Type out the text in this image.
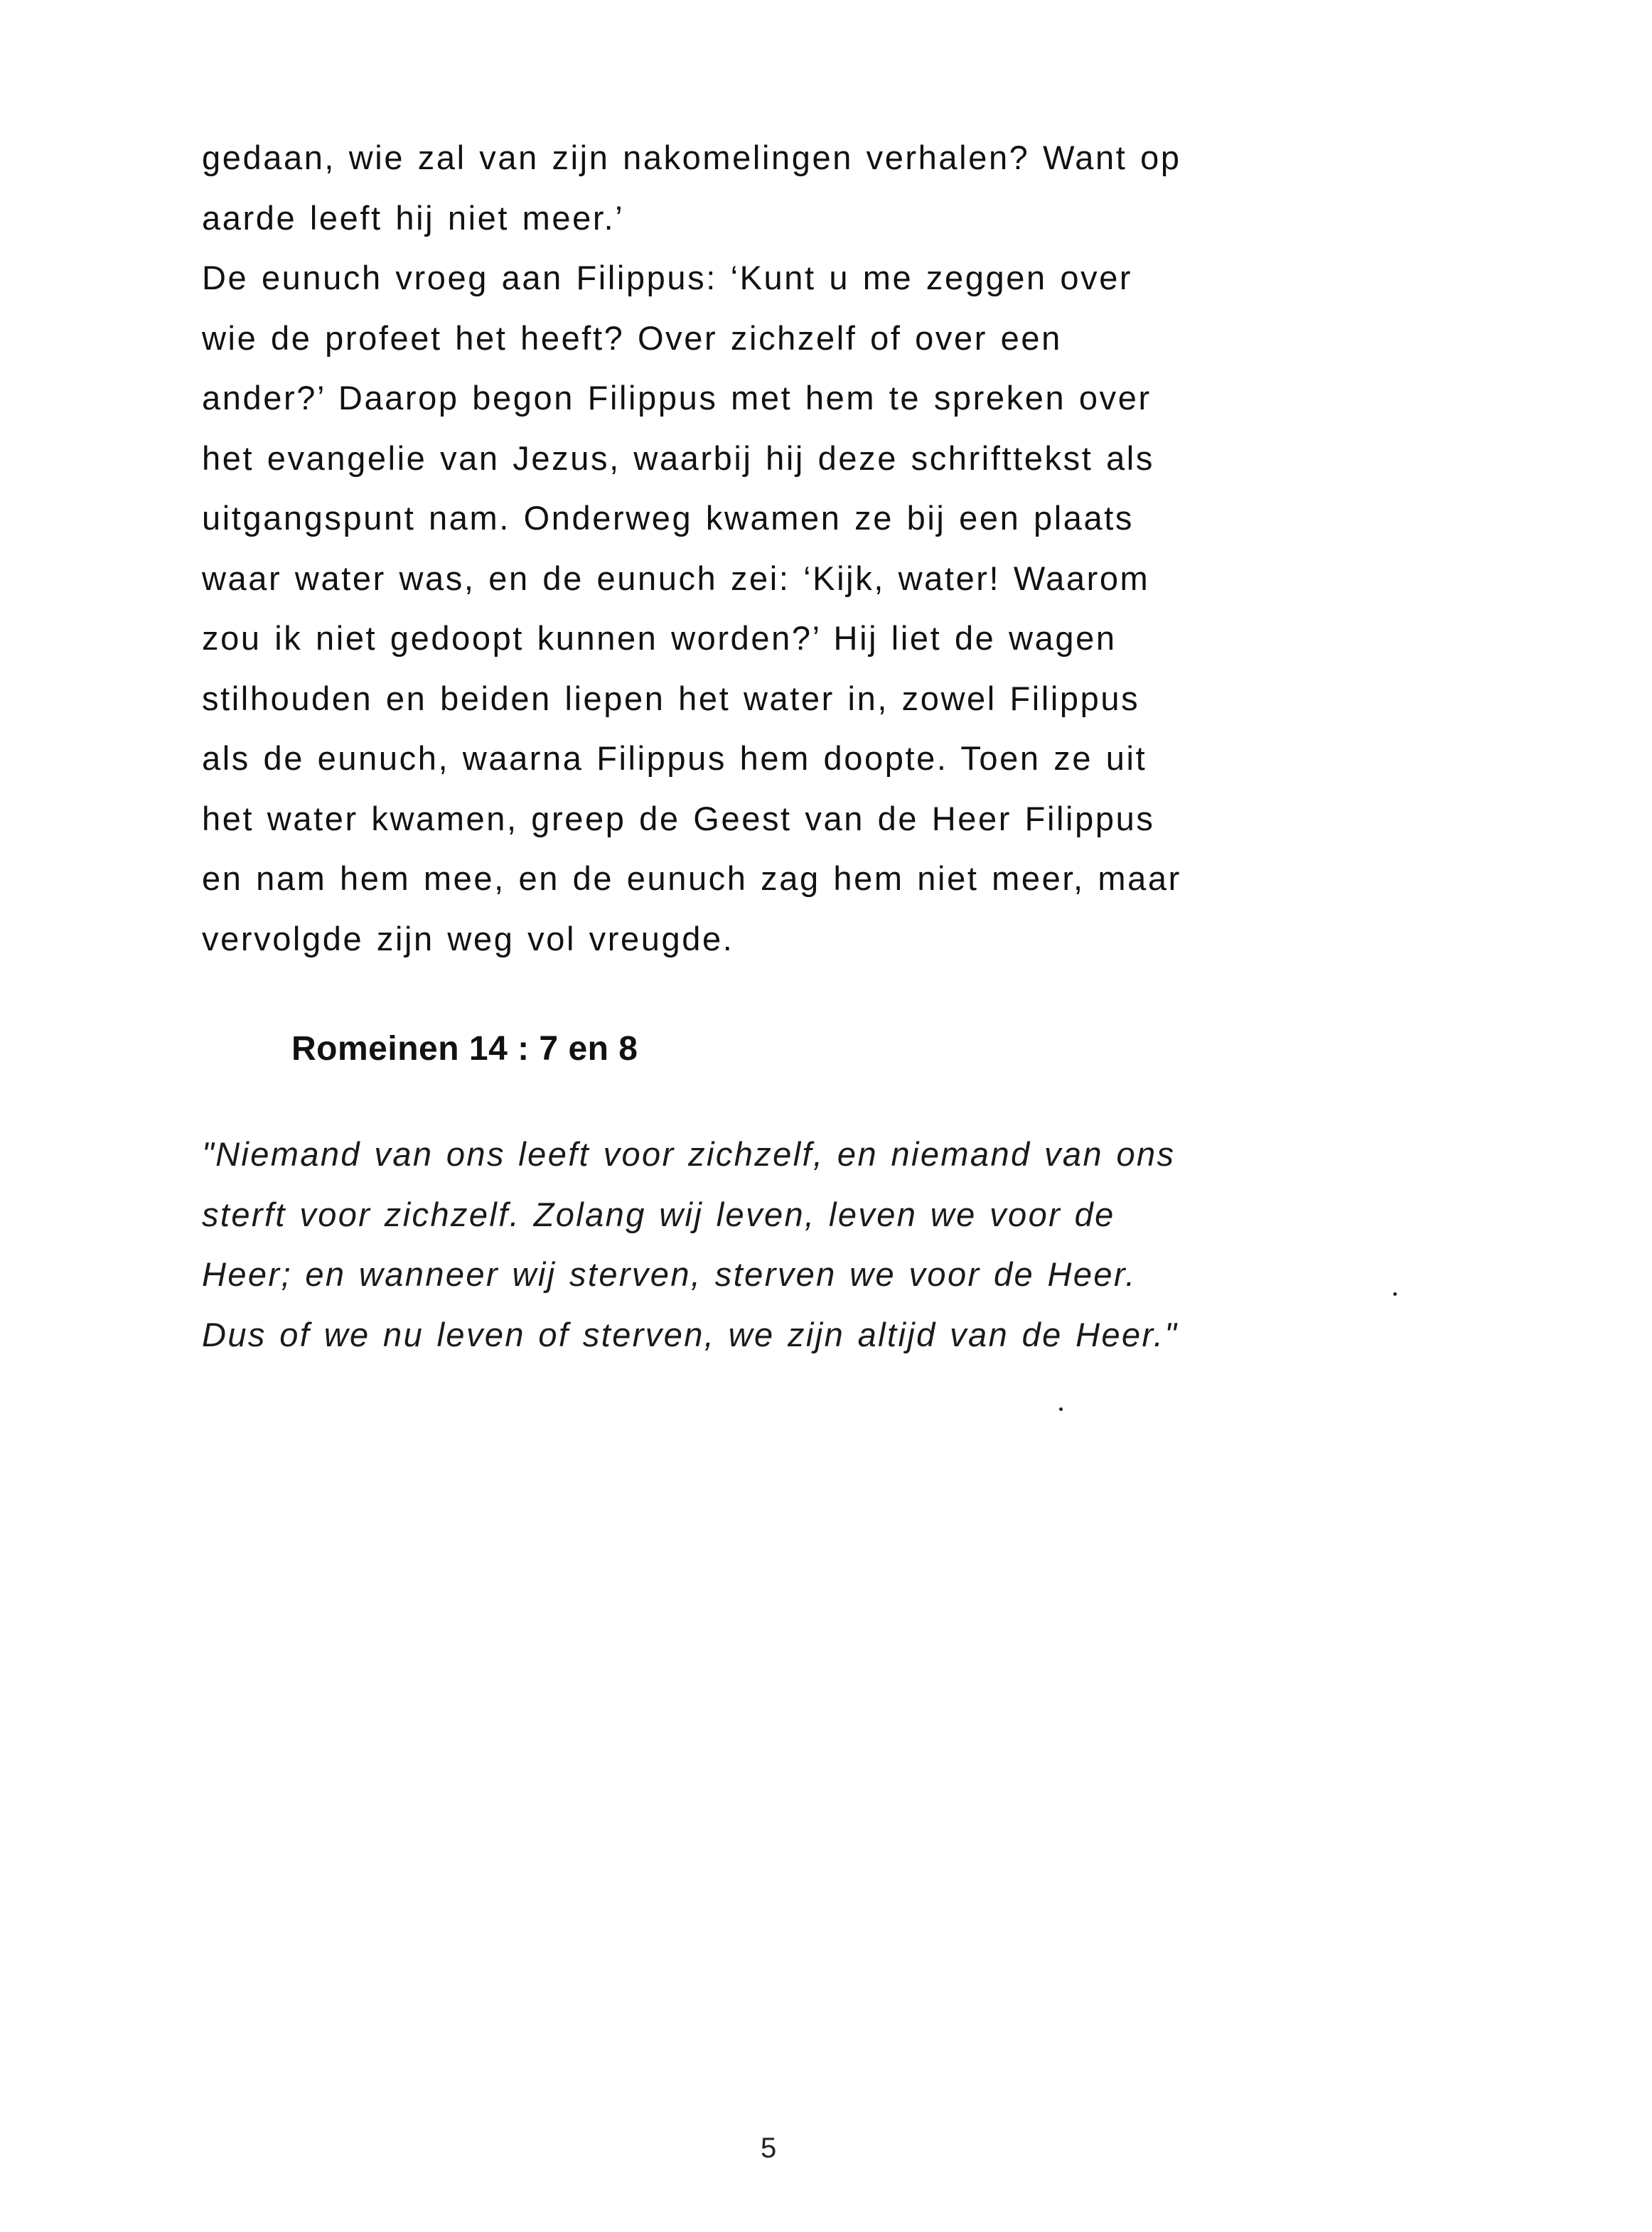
gedaan, wie zal van zijn nakomelingen verhalen? Want op
aarde leeft hij niet meer.’
De eunuch vroeg aan Filippus: ‘Kunt u me zeggen over
wie de profeet het heeft? Over zichzelf of over een
ander?’ Daarop begon Filippus met hem te spreken over
het evangelie van Jezus, waarbij hij deze schrifttekst als
uitgangspunt nam. Onderweg kwamen ze bij een plaats
waar water was, en de eunuch zei: ‘Kijk, water! Waarom
zou ik niet gedoopt kunnen worden?’ Hij liet de wagen
stilhouden en beiden liepen het water in, zowel Filippus
als de eunuch, waarna Filippus hem doopte. Toen ze uit
het water kwamen, greep de Geest van de Heer Filippus
en nam hem mee, en de eunuch zag hem niet meer, maar
vervolgde zijn weg vol vreugde.

Romeinen 14 : 7 en 8

"Niemand van ons leeft voor zichzelf, en niemand van ons
sterft voor zichzelf. Zolang wij leven, leven we voor de
Heer; en wanneer wij sterven, sterven we voor de Heer.
Dus of we nu leven of sterven, we zijn altijd van de Heer."

5
